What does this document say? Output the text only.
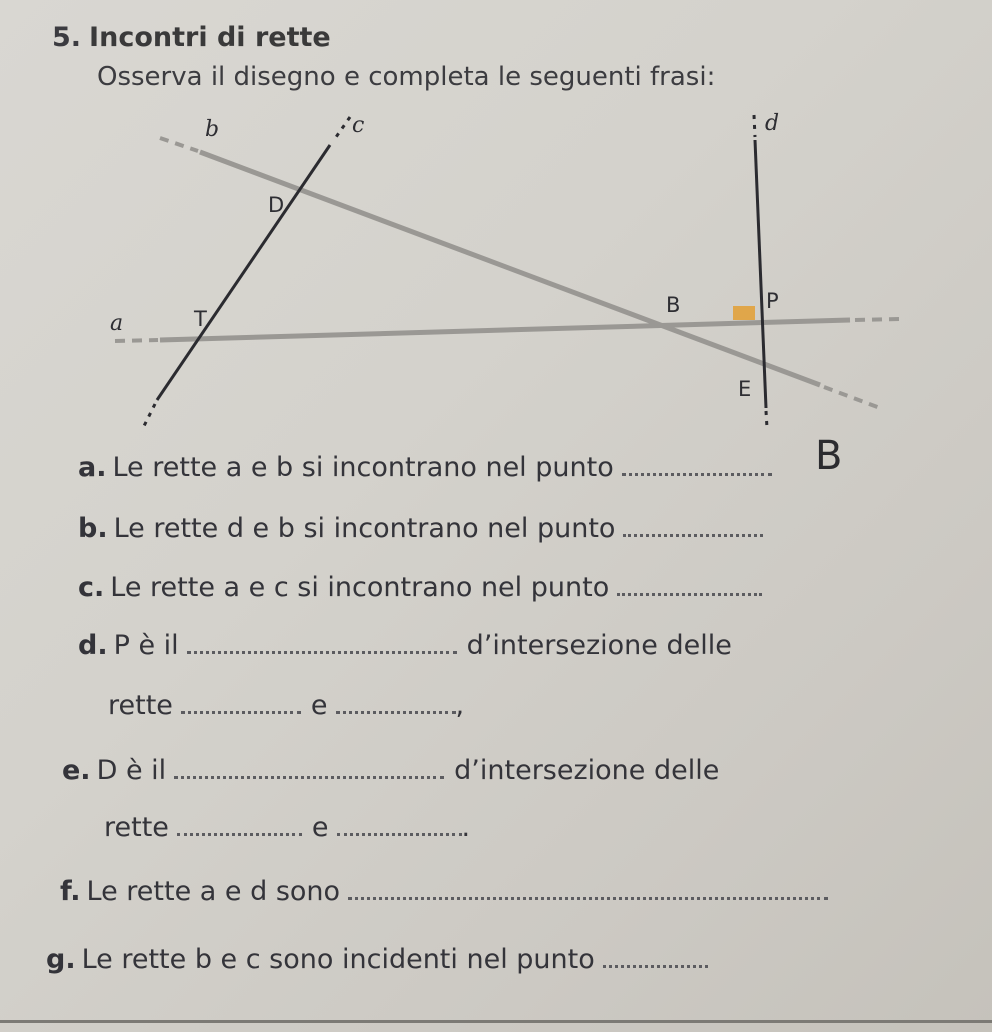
5. Incontri di rette
Osserva il disegno e completa le seguenti frasi:
b	c	d
a
D
T
B	P
E
a. Le rette a e b si incontrano nel punto	B
b. Le rette d e b si incontrano nel punto
c. Le rette a e c si incontrano nel punto
d. P è il	d’intersezione delle
rette	e	,
e. D è il	d’intersezione delle
rette	e	.
f. Le rette a e d sono
g. Le rette b e c sono incidenti nel punto
